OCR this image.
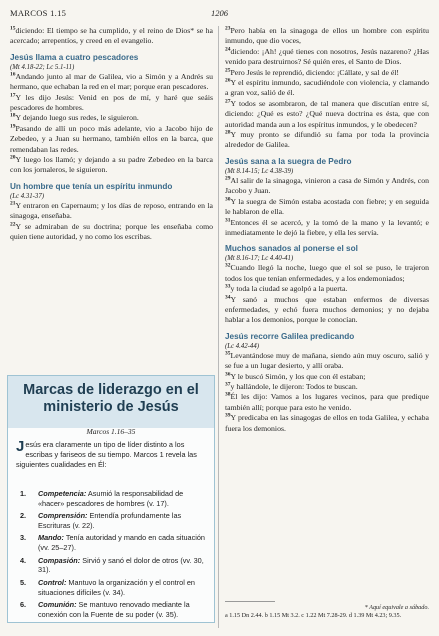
MARCOS 1.15	1206

$^{15}$diciendo: El tiempo se ha cumplido, y el reino de Dios* se ha acercado; arrepentíos, y creed en el evangelio.

Jesús llama a cuatro pescadores

(Mt 4.18-22; Lc 5.1-11)

$^{16}$Andando junto al mar de Galilea, vio a Simón y a Andrés su hermano, que echaban la red en el mar; porque eran pescadores.

$^{17}$Y les dijo Jesús: Venid en pos de mí, y haré que seáis pescadores de hombres.

$^{18}$Y dejando luego sus redes, le siguieron.

$^{19}$Pasando de allí un poco más adelante, vio a Jacobo hijo de Zebedeo, y a Juan su hermano, también ellos en la barca, que remendaban las redes.

$^{20}$Y luego los llamó; y dejando a su padre Zebedeo en la barca con los jornaleros, le siguieron.

Un hombre que tenía un espíritu inmundo

(Lc 4.31-37)

$^{21}$Y entraron en Capernaum; y los días de reposo, entrando en la sinagoga, enseñaba.

$^{22}$Y se admiraban de su doctrina; porque les enseñaba como quien tiene autoridad, y no como los escribas.

Marcas de liderazgo en el ministerio de Jesús
Marcos 1.16–35
Jesús era claramente un tipo de líder distinto a los escribas y fariseos de su tiempo. Marcos 1 revela las siguientes cualidades en Él:
1. Competencia: Asumió la responsabilidad de «hacer» pescadores de hombres (v. 17).
2. Comprensión: Entendía profundamente las Escrituras (v. 22).
3. Mando: Tenía autoridad y mando en cada situación (vv. 25–27).
4. Compasión: Sirvió y sanó el dolor de otros (vv. 30, 31).
5. Control: Mantuvo la organización y el control en situaciones difíciles (v. 34).
6. Comunión: Se mantuvo renovado mediante la conexión con la Fuente de su poder (v. 35).

$^{23}$Pero había en la sinagoga de ellos un hombre con espíritu inmundo, que dio voces,

$^{24}$diciendo: ¡Ah! ¿qué tienes con nosotros, Jesús nazareno? ¿Has venido para destruirnos? Sé quién eres, el Santo de Dios.

$^{25}$Pero Jesús le reprendió, diciendo: ¡Cállate, y sal de él!

$^{26}$Y el espíritu inmundo, sacudiéndole con violencia, y clamando a gran voz, salió de él.

$^{27}$Y todos se asombraron, de tal manera que discutían entre sí, diciendo: ¿Qué es esto? ¿Qué nueva doctrina es ésta, que con autoridad manda aun a los espíritus inmundos, y le obedecen?

$^{28}$Y muy pronto se difundió su fama por toda la provincia alrededor de Galilea.

Jesús sana a la suegra de Pedro

(Mt 8.14-15; Lc 4.38-39)

$^{29}$Al salir de la sinagoga, vinieron a casa de Simón y Andrés, con Jacobo y Juan.

$^{30}$Y la suegra de Simón estaba acostada con fiebre; y en seguida le hablaron de ella.

$^{31}$Entonces él se acercó, y la tomó de la mano y la levantó; e inmediatamente le dejó la fiebre, y ella les servía.

Muchos sanados al ponerse el sol

(Mt 8.16-17; Lc 4.40-41)

$^{32}$Cuando llegó la noche, luego que el sol se puso, le trajeron todos los que tenían enfermedades, y a los endemoniados;

$^{33}$y toda la ciudad se agolpó a la puerta.

$^{34}$Y sanó a muchos que estaban enfermos de diversas enfermedades, y echó fuera muchos demonios; y no dejaba hablar a los demonios, porque le conocían.

Jesús recorre Galilea predicando

(Lc 4.42-44)

$^{35}$Levantándose muy de mañana, siendo aún muy oscuro, salió y se fue a un lugar desierto, y allí oraba.

$^{36}$Y le buscó Simón, y los que con él estaban;

$^{37}$y hallándole, le dijeron: Todos te buscan.

$^{38}$Él les dijo: Vamos a los lugares vecinos, para que predique también allí; porque para esto he venido.

$^{39}$Y predicaba en las sinagogas de ellos en toda Galilea, y echaba fuera los demonios.

* Aquí equivale a sábado.
a 1.15 Dn 2.44. b 1.15 Mt 3.2. c 1.22 Mt 7.28-29. d 1.39 Mt 4.23; 9.35.
